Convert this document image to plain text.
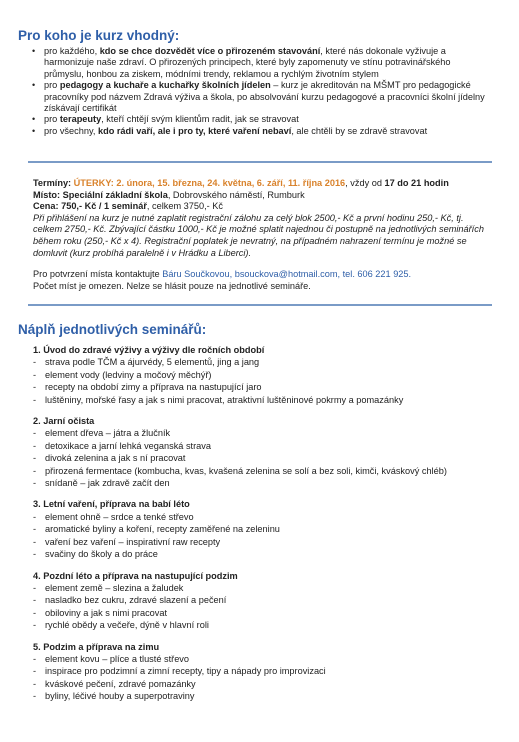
Pro koho je kurz vhodný:
• pro každého, kdo se chce dozvědět více o přirozeném stavování, které nás dokonale vyživuje a harmonizuje naše zdraví. O přirozených principech, které byly zapomenuty ve stínu potravinářského průmyslu, honbou za ziskem, módními trendy, reklamou a rychlým životním stylem
• pro pedagogy a kuchaře a kuchařky školních jídelen – kurz je akreditován na MŠMT pro pedagogické pracovníky pod názvem Zdravá výživa a škola, po absolvování kurzu pedagogové a pracovníci školní jídelny získávají certifikát
• pro terapeuty, kteří chtějí svým klientům radit, jak se stravovat
• pro všechny, kdo rádi vaří, ale i pro ty, které vaření nebaví, ale chtěli by se zdravě stravovat
Termíny: ÚTERKY: 2. února, 15. března, 24. května, 6. září, 11. října 2016, vždy od 17 do 21 hodin
Místo: Speciální základní škola, Dobrovského náměstí, Rumburk
Cena: 750,- Kč / 1 seminář, celkem 3750,- Kč
Při přihlášení na kurz je nutné zaplatit registrační zálohu za celý blok 2500,- Kč a první hodinu 250,- Kč, tj. celkem 2750,- Kč. Zbývající částku 1000,- Kč je možné splatit najednou či postupně na jednotlivých seminářích během roku (250,- Kč x 4). Registrační poplatek je nevratný, na případném nahrazení termínu je možné se domluvit (kurz probíhá paralelně i v Hrádku a Liberci).
Pro potvrzení místa kontaktujte Báru Součkovou, bsouckova@hotmail.com, tel. 606 221 925.
Počet míst je omezen. Nelze se hlásit pouze na jednotlivé semináře.
Náplň jednotlivých seminářů:
1. Úvod do zdravé výživy a výživy dle ročních období
- strava podle TČM a ájurvédy, 5 elementů, jing a jang
- element vody (ledviny a močový měchýř)
- recepty na období zimy a příprava na nastupující jaro
- luštěniny, mořské řasy a jak s nimi pracovat, atraktivní luštěninové pokrmy a pomazánky
2. Jarní očista
- element dřeva – játra a žlučník
- detoxikace a jarní lehká veganská strava
- divoká zelenina a jak s ní pracovat
- přirozená fermentace (kombucha, kvas, kvašená zelenina se solí a bez soli, kimči, kváskový chléb)
- snídaně – jak zdravě začít den
3. Letní vaření, příprava na babí léto
- element ohně – srdce a tenké střevo
- aromatické byliny a koření, recepty zaměřené na zeleninu
- vaření bez vaření – inspirativní raw recepty
- svačiny do školy a do práce
4. Pozdní léto a příprava na nastupující podzim
- element země – slezina a žaludek
- nasladko bez cukru, zdravé slazení a pečení
- obiloviny a jak s nimi pracovat
- rychlé obědy a večeře, dýně v hlavní roli
5. Podzim a příprava na zimu
- element kovu – plíce a tlusté střevo
- inspirace pro podzimní a zimní recepty, tipy a nápady pro improvizaci
- kváskové pečení, zdravé pomazánky
- byliny, léčivé houby a superpotraviny
